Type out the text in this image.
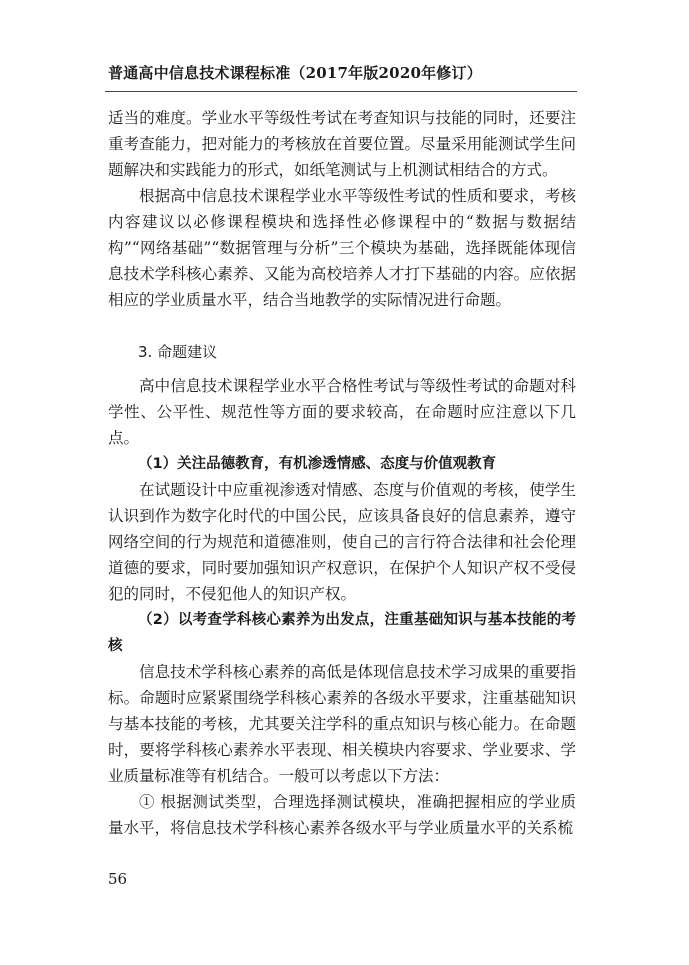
普通高中信息技术课程标准（2017年版2020年修订）

适当的难度。学业水平等级性考试在考查知识与技能的同时，还要注重考查能力，把对能力的考核放在首要位置。尽量采用能测试学生问题解决和实践能力的形式，如纸笔测试与上机测试相结合的方式。

根据高中信息技术课程学业水平等级性考试的性质和要求，考核内容建议以必修课程模块和选择性必修课程中的“数据与数据结构”“网络基础”“数据管理与分析”三个模块为基础，选择既能体现信息技术学科核心素养、又能为高校培养人才打下基础的内容。应依据相应的学业质量水平，结合当地教学的实际情况进行命题。

3. 命题建议

高中信息技术课程学业水平合格性考试与等级性考试的命题对科学性、公平性、规范性等方面的要求较高，在命题时应注意以下几点。

（1）关注品德教育，有机渗透情感、态度与价值观教育

在试题设计中应重视渗透对情感、态度与价值观的考核，使学生认识到作为数字化时代的中国公民，应该具备良好的信息素养，遵守网络空间的行为规范和道德准则，使自己的言行符合法律和社会伦理道德的要求，同时要加强知识产权意识，在保护个人知识产权不受侵犯的同时，不侵犯他人的知识产权。

（2）以考查学科核心素养为出发点，注重基础知识与基本技能的考核

信息技术学科核心素养的高低是体现信息技术学习成果的重要指标。命题时应紧紧围绕学科核心素养的各级水平要求，注重基础知识与基本技能的考核，尤其要关注学科的重点知识与核心能力。在命题时，要将学科核心素养水平表现、相关模块内容要求、学业要求、学业质量标准等有机结合。一般可以考虑以下方法：

① 根据测试类型，合理选择测试模块，准确把握相应的学业质量水平，将信息技术学科核心素养各级水平与学业质量水平的关系梳

56
